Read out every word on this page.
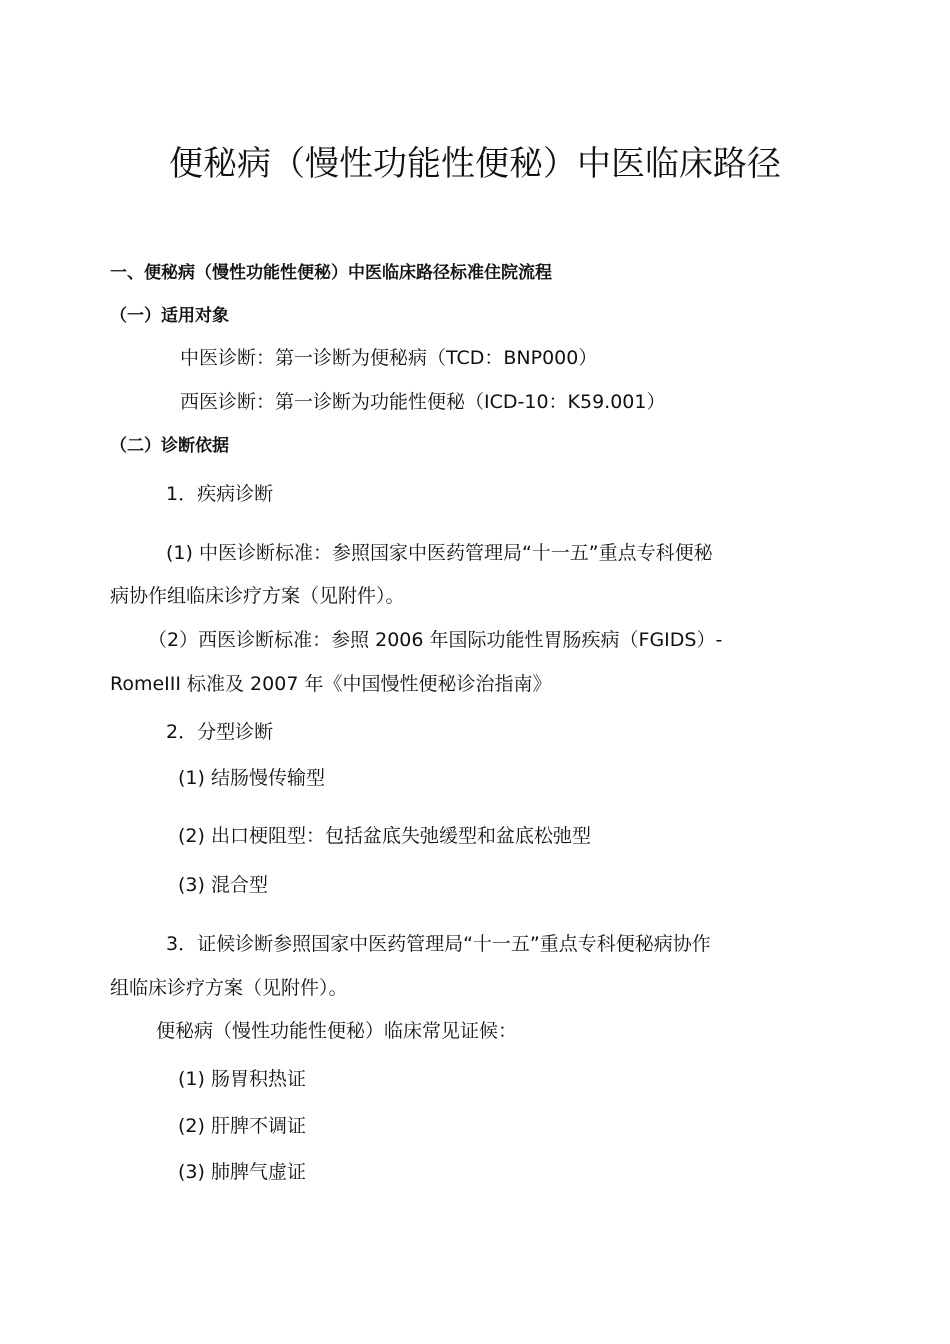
便秘病（慢性功能性便秘）中医临床路径
一、便秘病（慢性功能性便秘）中医临床路径标准住院流程
（一）适用对象
中医诊断：第一诊断为便秘病（TCD：BNP000）
西医诊断：第一诊断为功能性便秘（ICD-10：K59.001）
（二）诊断依据
1．疾病诊断
(1) 中医诊断标准：参照国家中医药管理局“十一五”重点专科便秘
病协作组临床诊疗方案（见附件）。
（2）西医诊断标准：参照 2006 年国际功能性胃肠疾病（FGIDS）-
RomeIII 标准及 2007 年《中国慢性便秘诊治指南》
2．分型诊断
(1) 结肠慢传输型
(2) 出口梗阻型：包括盆底失弛缓型和盆底松弛型
(3) 混合型
3．证候诊断参照国家中医药管理局“十一五”重点专科便秘病协作
组临床诊疗方案（见附件）。
便秘病（慢性功能性便秘）临床常见证候：
(1) 肠胃积热证
(2) 肝脾不调证
(3) 肺脾气虚证
